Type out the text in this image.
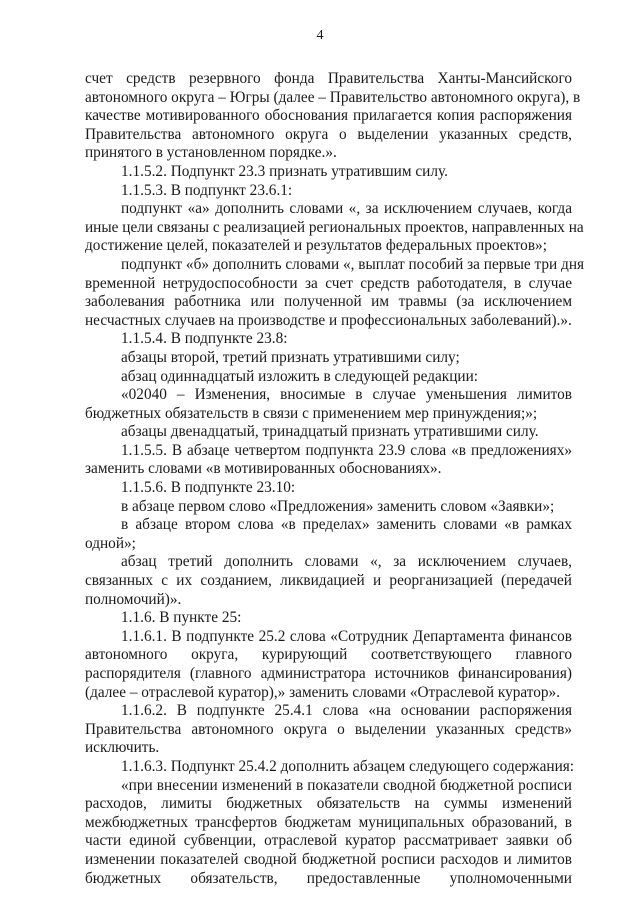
4
счет средств резервного фонда Правительства Ханты-Мансийского
автономного округа – Югры (далее – Правительство автономного округа), в
качестве мотивированного обоснования прилагается копия распоряжения
Правительства автономного округа о выделении указанных средств,
принятого в установленном порядке.».
1.1.5.2. Подпункт 23.3 признать утратившим силу.
1.1.5.3. В подпункт 23.6.1:
подпункт «а» дополнить словами «, за исключением случаев, когда
иные цели связаны с реализацией региональных проектов, направленных на
достижение целей, показателей и результатов федеральных проектов»;
подпункт «б» дополнить словами «, выплат пособий за первые три дня
временной нетрудоспособности за счет средств работодателя, в случае
заболевания работника или полученной им травмы (за исключением
несчастных случаев на производстве и профессиональных заболеваний).».
1.1.5.4. В подпункте 23.8:
абзацы второй, третий признать утратившими силу;
абзац одиннадцатый изложить в следующей редакции:
«02040 – Изменения, вносимые в случае уменьшения лимитов
бюджетных обязательств в связи с применением мер принуждения;»;
абзацы двенадцатый, тринадцатый признать утратившими силу.
1.1.5.5. В абзаце четвертом подпункта 23.9 слова «в предложениях»
заменить словами «в мотивированных обоснованиях».
1.1.5.6. В подпункте 23.10:
в абзаце первом слово «Предложения» заменить словом «Заявки»;
в абзаце втором слова «в пределах» заменить словами «в рамках
одной»;
абзац третий дополнить словами «, за исключением случаев,
связанных с их созданием, ликвидацией и реорганизацией (передачей
полномочий)».
1.1.6. В пункте 25:
1.1.6.1. В подпункте 25.2 слова «Сотрудник Департамента финансов
автономного округа, курирующий соответствующего главного
распорядителя (главного администратора источников финансирования)
(далее – отраслевой куратор),» заменить словами «Отраслевой куратор».
1.1.6.2. В подпункте 25.4.1 слова «на основании распоряжения
Правительства автономного округа о выделении указанных средств»
исключить.
1.1.6.3. Подпункт 25.4.2 дополнить абзацем следующего содержания:
«при внесении изменений в показатели сводной бюджетной росписи
расходов, лимиты бюджетных обязательств на суммы изменений
межбюджетных трансфертов бюджетам муниципальных образований, в
части единой субвенции, отраслевой куратор рассматривает заявки об
изменении показателей сводной бюджетной росписи расходов и лимитов
бюджетных обязательств, предоставленные уполномоченными
